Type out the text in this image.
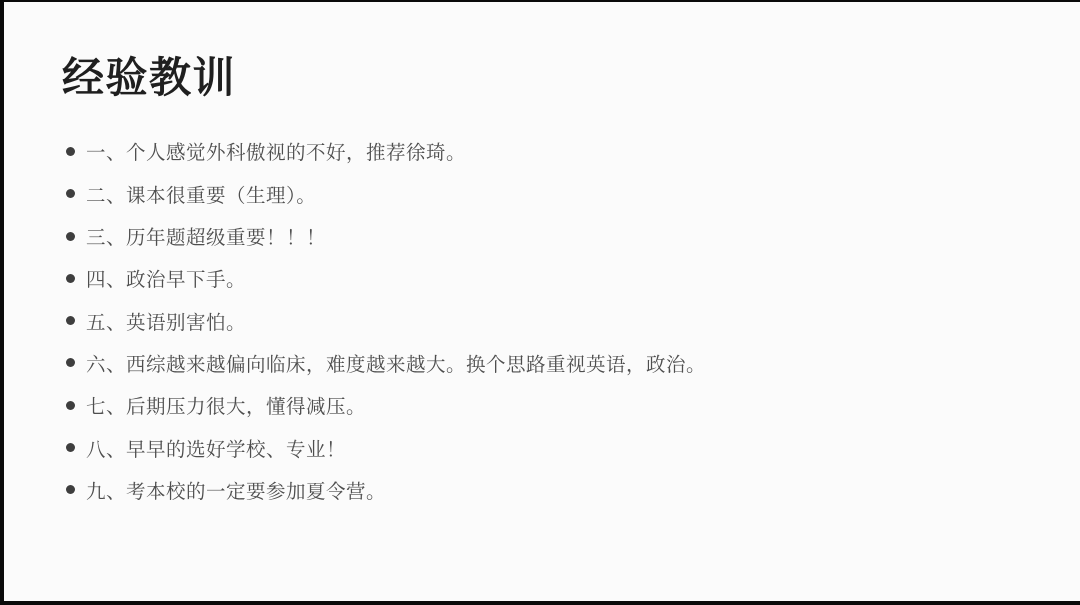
经验教训
一、个人感觉外科傲视的不好，推荐徐琦。
二、课本很重要（生理）。
三、历年题超级重要！！！
四、政治早下手。
五、英语别害怕。
六、西综越来越偏向临床，难度越来越大。换个思路重视英语，政治。
七、后期压力很大，懂得减压。
八、早早的选好学校、专业！
九、考本校的一定要参加夏令营。
